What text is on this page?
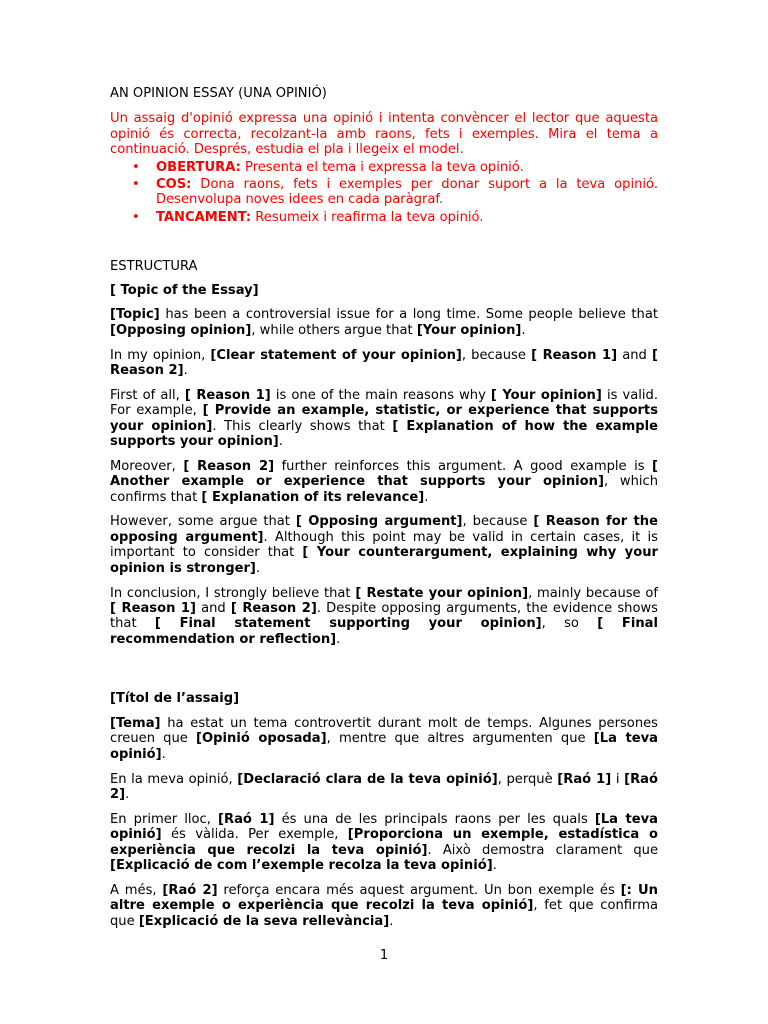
AN OPINION ESSAY (UNA OPINIÓ)

Un assaig d'opinió expressa una opinió i intenta convèncer el lector que aquesta opinió és correcta, recolzant-la amb raons, fets i exemples. Mira el tema a continuació. Després, estudia el pla i llegeix el model.

• OBERTURA: Presenta el tema i expressa la teva opinió.
• COS: Dona raons, fets i exemples per donar suport a la teva opinió. Desenvolupa noves idees en cada paràgraf.
• TANCAMENT: Resumeix i reafirma la teva opinió.
ESTRUCTURA
[ Topic of the Essay]

[Topic] has been a controversial issue for a long time. Some people believe that [Opposing opinion], while others argue that [Your opinion].

In my opinion, [Clear statement of your opinion], because [ Reason 1] and [ Reason 2].

First of all, [ Reason 1] is one of the main reasons why [ Your opinion] is valid. For example, [ Provide an example, statistic, or experience that supports your opinion]. This clearly shows that [ Explanation of how the example supports your opinion].

Moreover, [ Reason 2] further reinforces this argument. A good example is [ Another example or experience that supports your opinion], which confirms that [ Explanation of its relevance].

However, some argue that [ Opposing argument], because [ Reason for the opposing argument]. Although this point may be valid in certain cases, it is important to consider that [ Your counterargument, explaining why your opinion is stronger].

In conclusion, I strongly believe that [ Restate your opinion], mainly because of [ Reason 1] and [ Reason 2]. Despite opposing arguments, the evidence shows that [ Final statement supporting your opinion], so [ Final recommendation or reflection].

[Títol de l’assaig]

[Tema] ha estat un tema controvertit durant molt de temps. Algunes persones creuen que [Opinió oposada], mentre que altres argumenten que [La teva opinió].

En la meva opinió, [Declaració clara de la teva opinió], perquè [Raó 1] i [Raó 2].

En primer lloc, [Raó 1] és una de les principals raons per les quals [La teva opinió] és vàlida. Per exemple, [Proporciona un exemple, estadística o experiència que recolzi la teva opinió]. Això demostra clarament que [Explicació de com l’exemple recolza la teva opinió].

A més, [Raó 2] reforça encara més aquest argument. Un bon exemple és [: Un altre exemple o experiència que recolzi la teva opinió], fet que confirma que [Explicació de la seva rellevància].

1
